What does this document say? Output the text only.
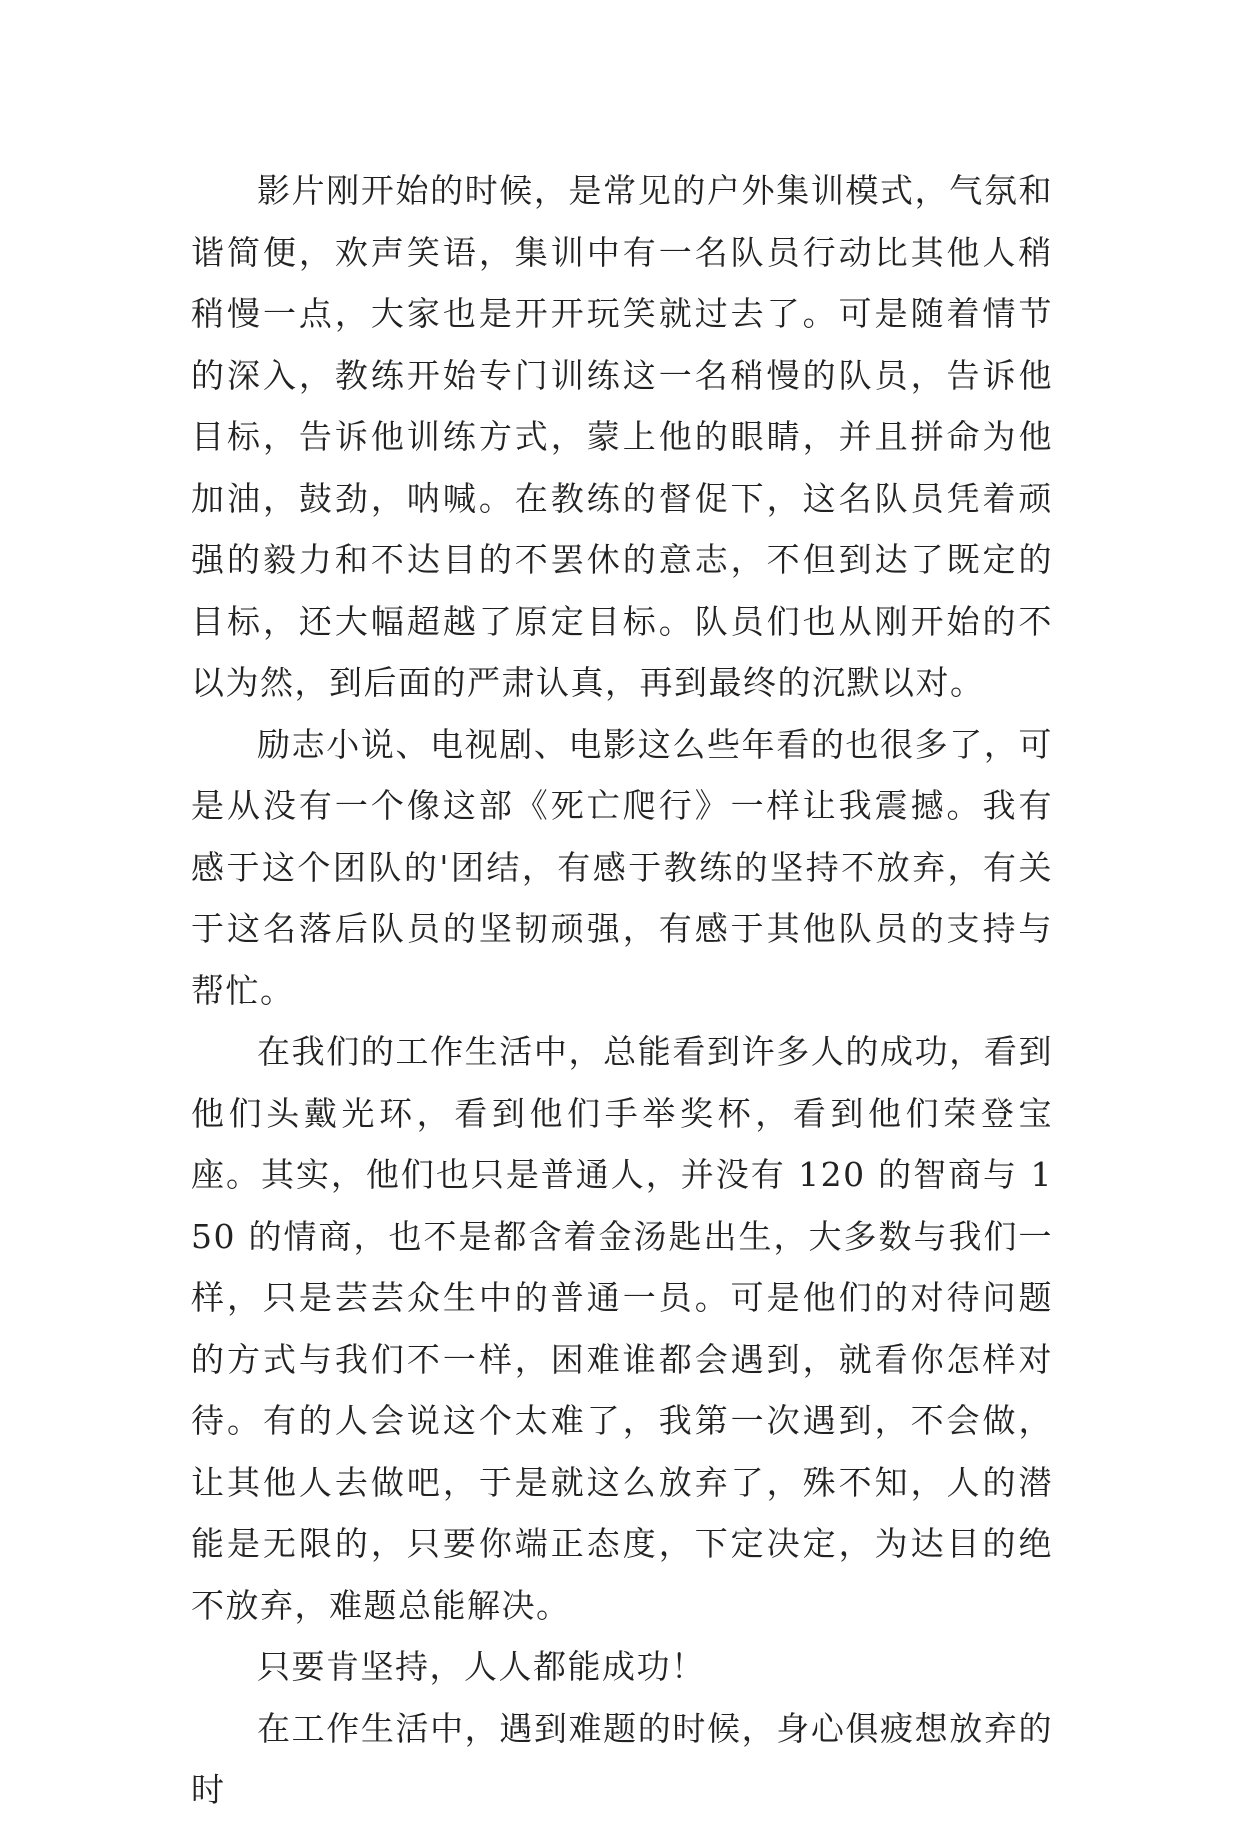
影片刚开始的时候，是常见的户外集训模式，气氛和谐简便，欢声笑语，集训中有一名队员行动比其他人稍稍慢一点，大家也是开开玩笑就过去了。可是随着情节的深入，教练开始专门训练这一名稍慢的队员，告诉他目标，告诉他训练方式，蒙上他的眼睛，并且拼命为他加油，鼓劲，呐喊。在教练的督促下，这名队员凭着顽强的毅力和不达目的不罢休的意志，不但到达了既定的目标，还大幅超越了原定目标。队员们也从刚开始的不以为然，到后面的严肃认真，再到最终的沉默以对。

励志小说、电视剧、电影这么些年看的也很多了，可是从没有一个像这部《死亡爬行》一样让我震撼。我有感于这个团队的'团结，有感于教练的坚持不放弃，有关于这名落后队员的坚韧顽强，有感于其他队员的支持与帮忙。

在我们的工作生活中，总能看到许多人的成功，看到他们头戴光环，看到他们手举奖杯，看到他们荣登宝座。其实，他们也只是普通人，并没有 120 的智商与 150 的情商，也不是都含着金汤匙出生，大多数与我们一样，只是芸芸众生中的普通一员。可是他们的对待问题的方式与我们不一样，困难谁都会遇到，就看你怎样对待。有的人会说这个太难了，我第一次遇到，不会做，让其他人去做吧，于是就这么放弃了，殊不知，人的潜能是无限的，只要你端正态度，下定决定，为达目的绝不放弃，难题总能解决。

只要肯坚持，人人都能成功！

在工作生活中，遇到难题的时候，身心俱疲想放弃的时
